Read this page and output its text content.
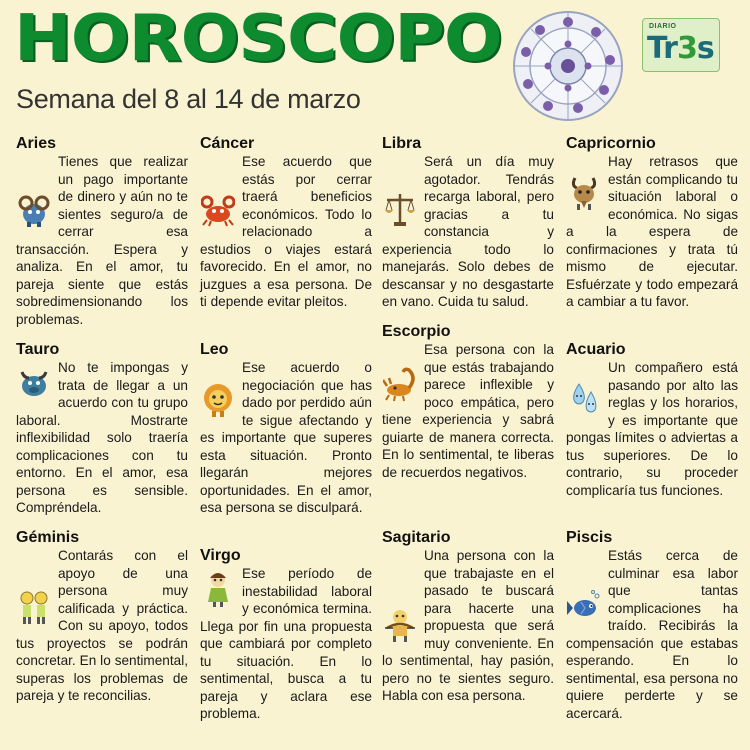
HOROSCOPO
Semana del 8 al 14 de marzo
DIARIO
Tr3s
Aries

Tienes que realizar un pago importante de dinero y aún no te sientes seguro/a de cerrar esa transacción. Espera y analiza. En el amor, tu pareja siente que estás sobredimensionando los problemas.

Tauro

No te impongas y trata de llegar a un acuerdo con tu grupo laboral. Mostrarte inflexibilidad solo traería complicaciones con tu entorno. En el amor, esa persona es sensible. Compréndela.

Géminis

Contarás con el apoyo de una persona muy calificada y práctica. Con su apoyo, todos tus proyectos se podrán concretar. En lo sentimental, superas los problemas de pareja y te reconcilias.

Cáncer

Ese acuerdo que estás por cerrar traerá beneficios económicos. Todo lo relacionado a estudios o viajes estará favorecido. En el amor, no juzgues a esa persona. De ti depende evitar pleitos.

Leo

Ese acuerdo o negociación que has dado por perdido aún te sigue afectando y es importante que superes esta situación. Pronto llegarán mejores oportunidades. En el amor, esa persona se disculpará.

Virgo

Ese período de inestabilidad laboral y económica termina. Llega por fin una propuesta que cambiará por completo tu situación. En lo sentimental, busca a tu pareja y aclara ese problema.

Libra

Será un día muy agotador. Tendrás recarga laboral, pero gracias a tu constancia y experiencia todo lo manejarás. Solo debes de descansar y no desgastarte en vano. Cuida tu salud.

Escorpio

Esa persona con la que estás trabajando parece inflexible y poco empática, pero tiene experiencia y sabrá guiarte de manera correcta. En lo sentimental, te liberas de recuerdos negativos.

Sagitario

Una persona con la que trabajaste en el pasado te buscará para hacerte una propuesta que será muy conveniente. En lo sentimental, hay pasión, pero no te sientes seguro. Habla con esa persona.

Capricornio

Hay retrasos que están complicando tu situación laboral o económica. No sigas a la espera de confirmaciones y trata tú mismo de ejecutar. Esfuérzate y todo empezará a cambiar a tu favor.

Acuario

Un compañero está pasando por alto las reglas y los horarios, y es importante que pongas límites o adviertas a tus superiores. De lo contrario, su proceder complicaría tus funciones.

Piscis

Estás cerca de culminar esa labor que tantas complicaciones ha traído. Recibirás la compensación que estabas esperando. En lo sentimental, esa persona no quiere perderte y se acercará.
